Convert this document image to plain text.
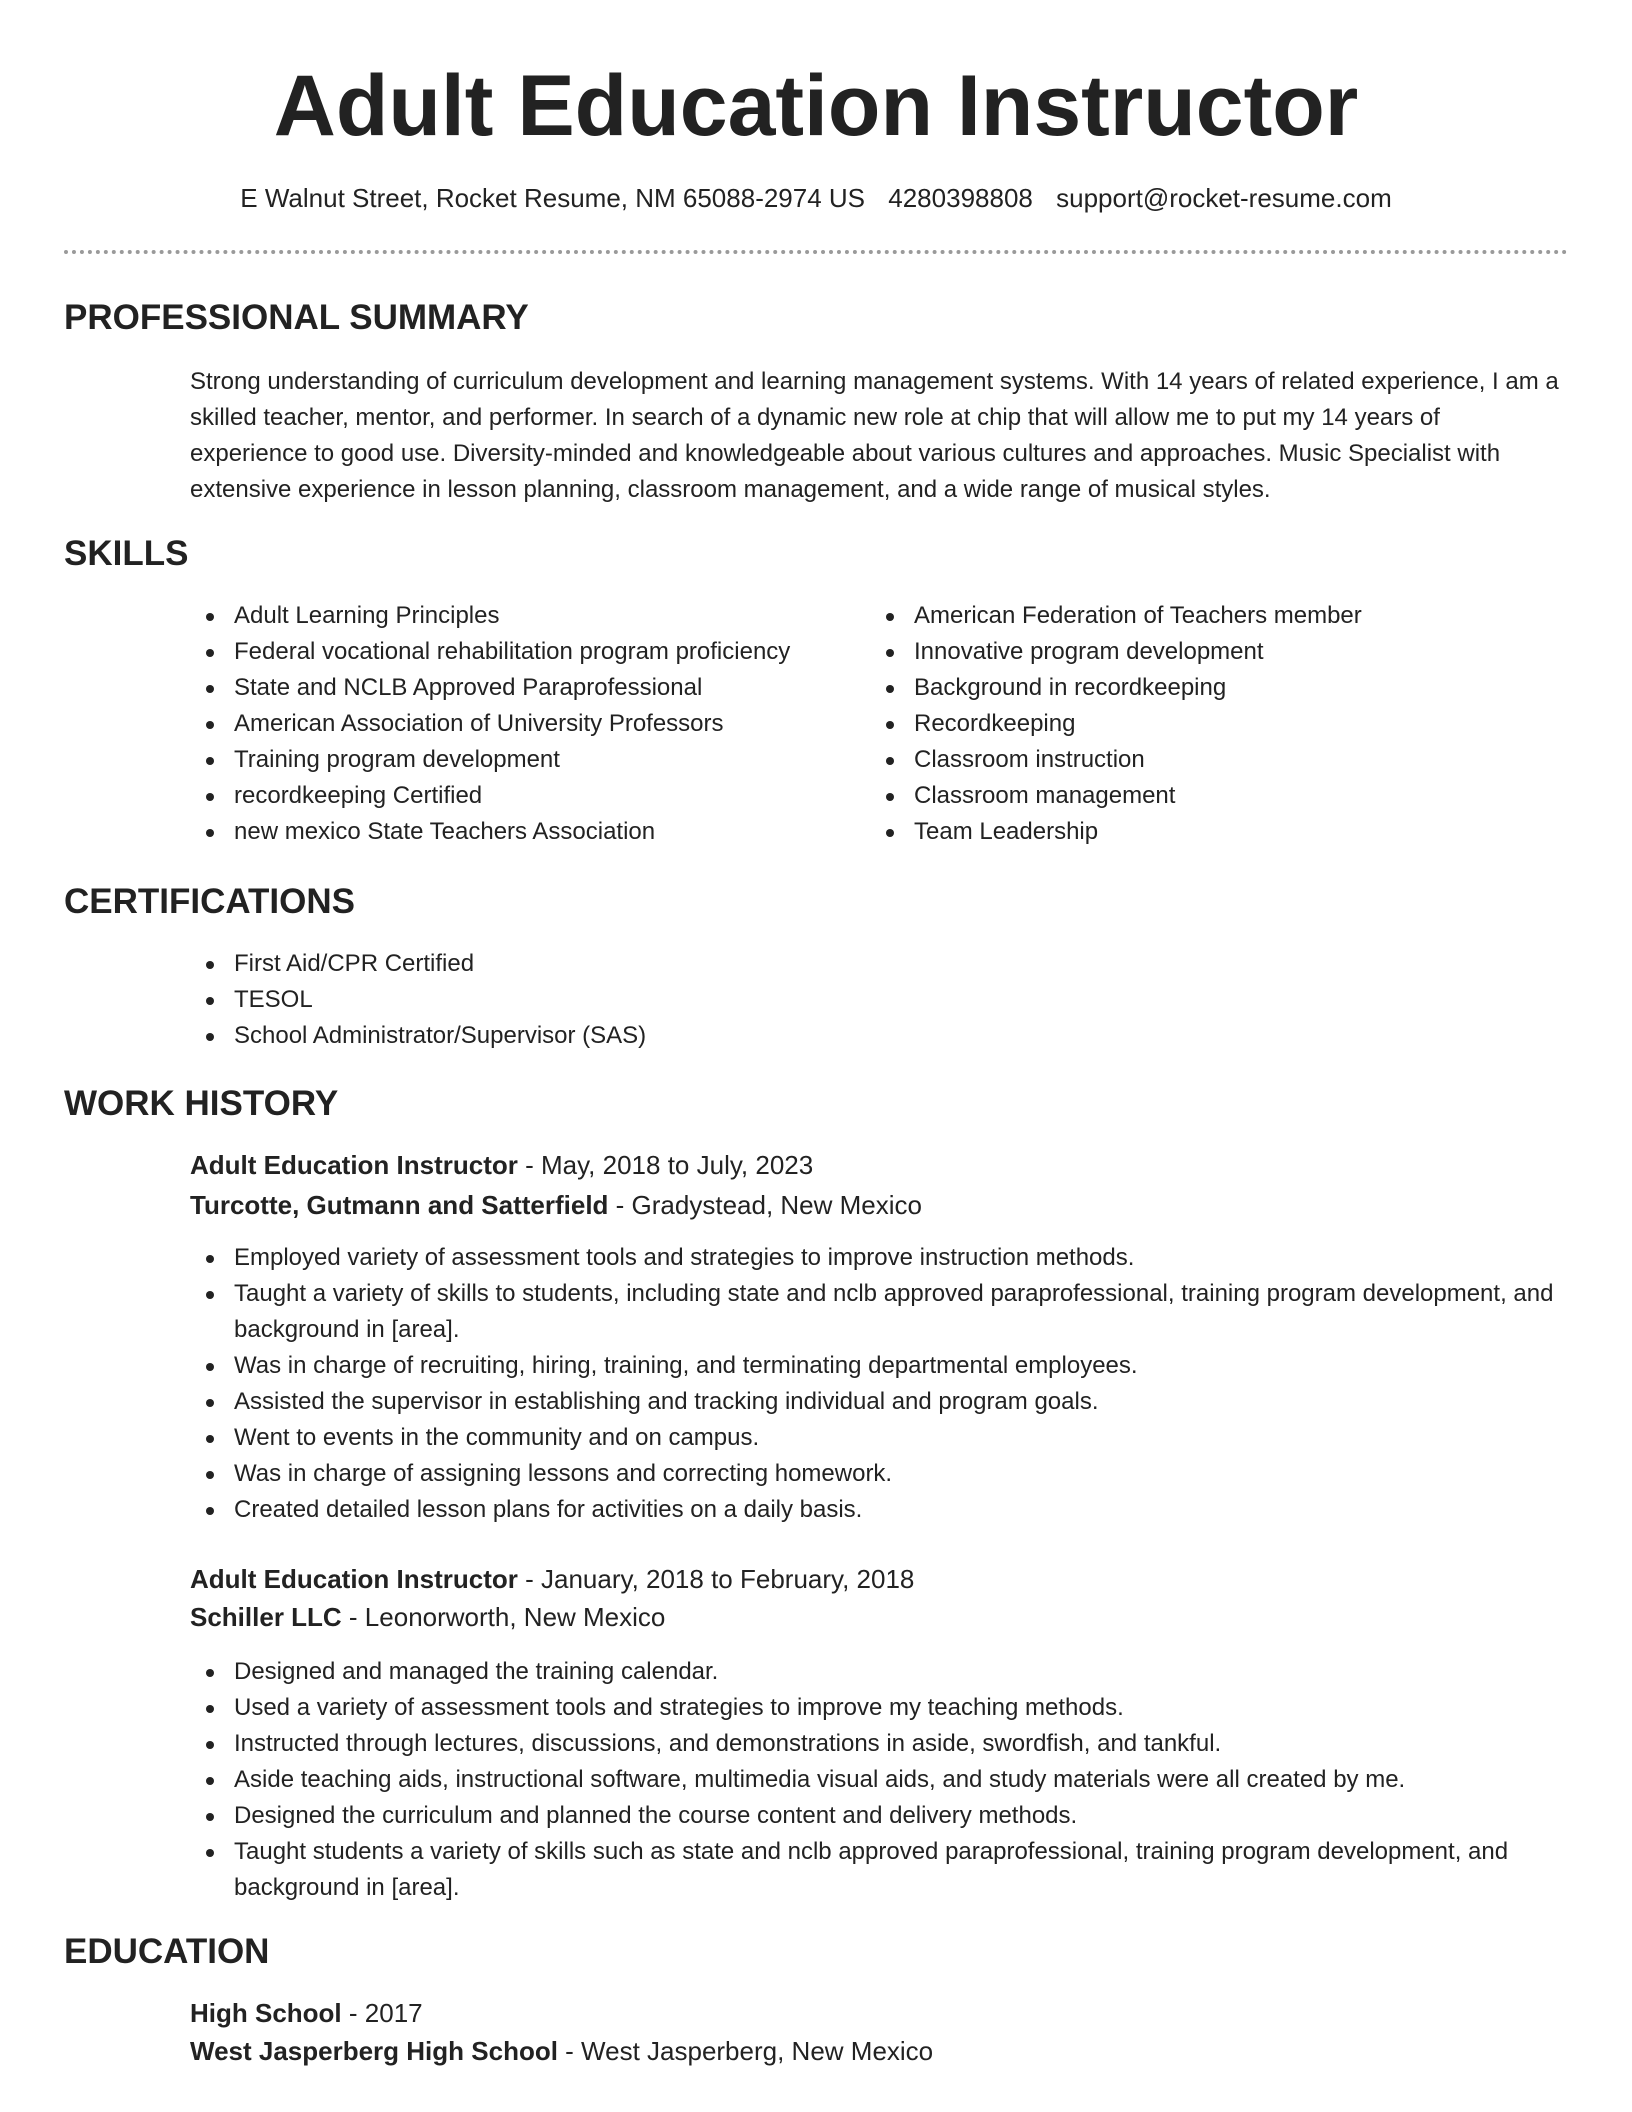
Adult Education Instructor
E Walnut Street, Rocket Resume, NM 65088-2974 US 4280398808 support@rocket-resume.com
PROFESSIONAL SUMMARY

Strong understanding of curriculum development and learning management systems. With 14 years of related experience, I am a skilled teacher, mentor, and performer. In search of a dynamic new role at chip that will allow me to put my 14 years of experience to good use. Diversity-minded and knowledgeable about various cultures and approaches. Music Specialist with extensive experience in lesson planning, classroom management, and a wide range of musical styles.

SKILLS
Adult Learning Principles
Federal vocational rehabilitation program proficiency
State and NCLB Approved Paraprofessional
American Association of University Professors
Training program development
recordkeeping Certified
new mexico State Teachers Association
American Federation of Teachers member
Innovative program development
Background in recordkeeping
Recordkeeping
Classroom instruction
Classroom management
Team Leadership
CERTIFICATIONS
First Aid/CPR Certified
TESOL
School Administrator/Supervisor (SAS)
WORK HISTORY
Adult Education Instructor - May, 2018 to July, 2023
Turcotte, Gutmann and Satterfield - Gradystead, New Mexico
Employed variety of assessment tools and strategies to improve instruction methods.
Taught a variety of skills to students, including state and nclb approved paraprofessional, training program development, and background in [area].
Was in charge of recruiting, hiring, training, and terminating departmental employees.
Assisted the supervisor in establishing and tracking individual and program goals.
Went to events in the community and on campus.
Was in charge of assigning lessons and correcting homework.
Created detailed lesson plans for activities on a daily basis.
Adult Education Instructor - January, 2018 to February, 2018
Schiller LLC - Leonorworth, New Mexico
Designed and managed the training calendar.
Used a variety of assessment tools and strategies to improve my teaching methods.
Instructed through lectures, discussions, and demonstrations in aside, swordfish, and tankful.
Aside teaching aids, instructional software, multimedia visual aids, and study materials were all created by me.
Designed the curriculum and planned the course content and delivery methods.
Taught students a variety of skills such as state and nclb approved paraprofessional, training program development, and background in [area].
EDUCATION
High School - 2017
West Jasperberg High School - West Jasperberg, New Mexico
